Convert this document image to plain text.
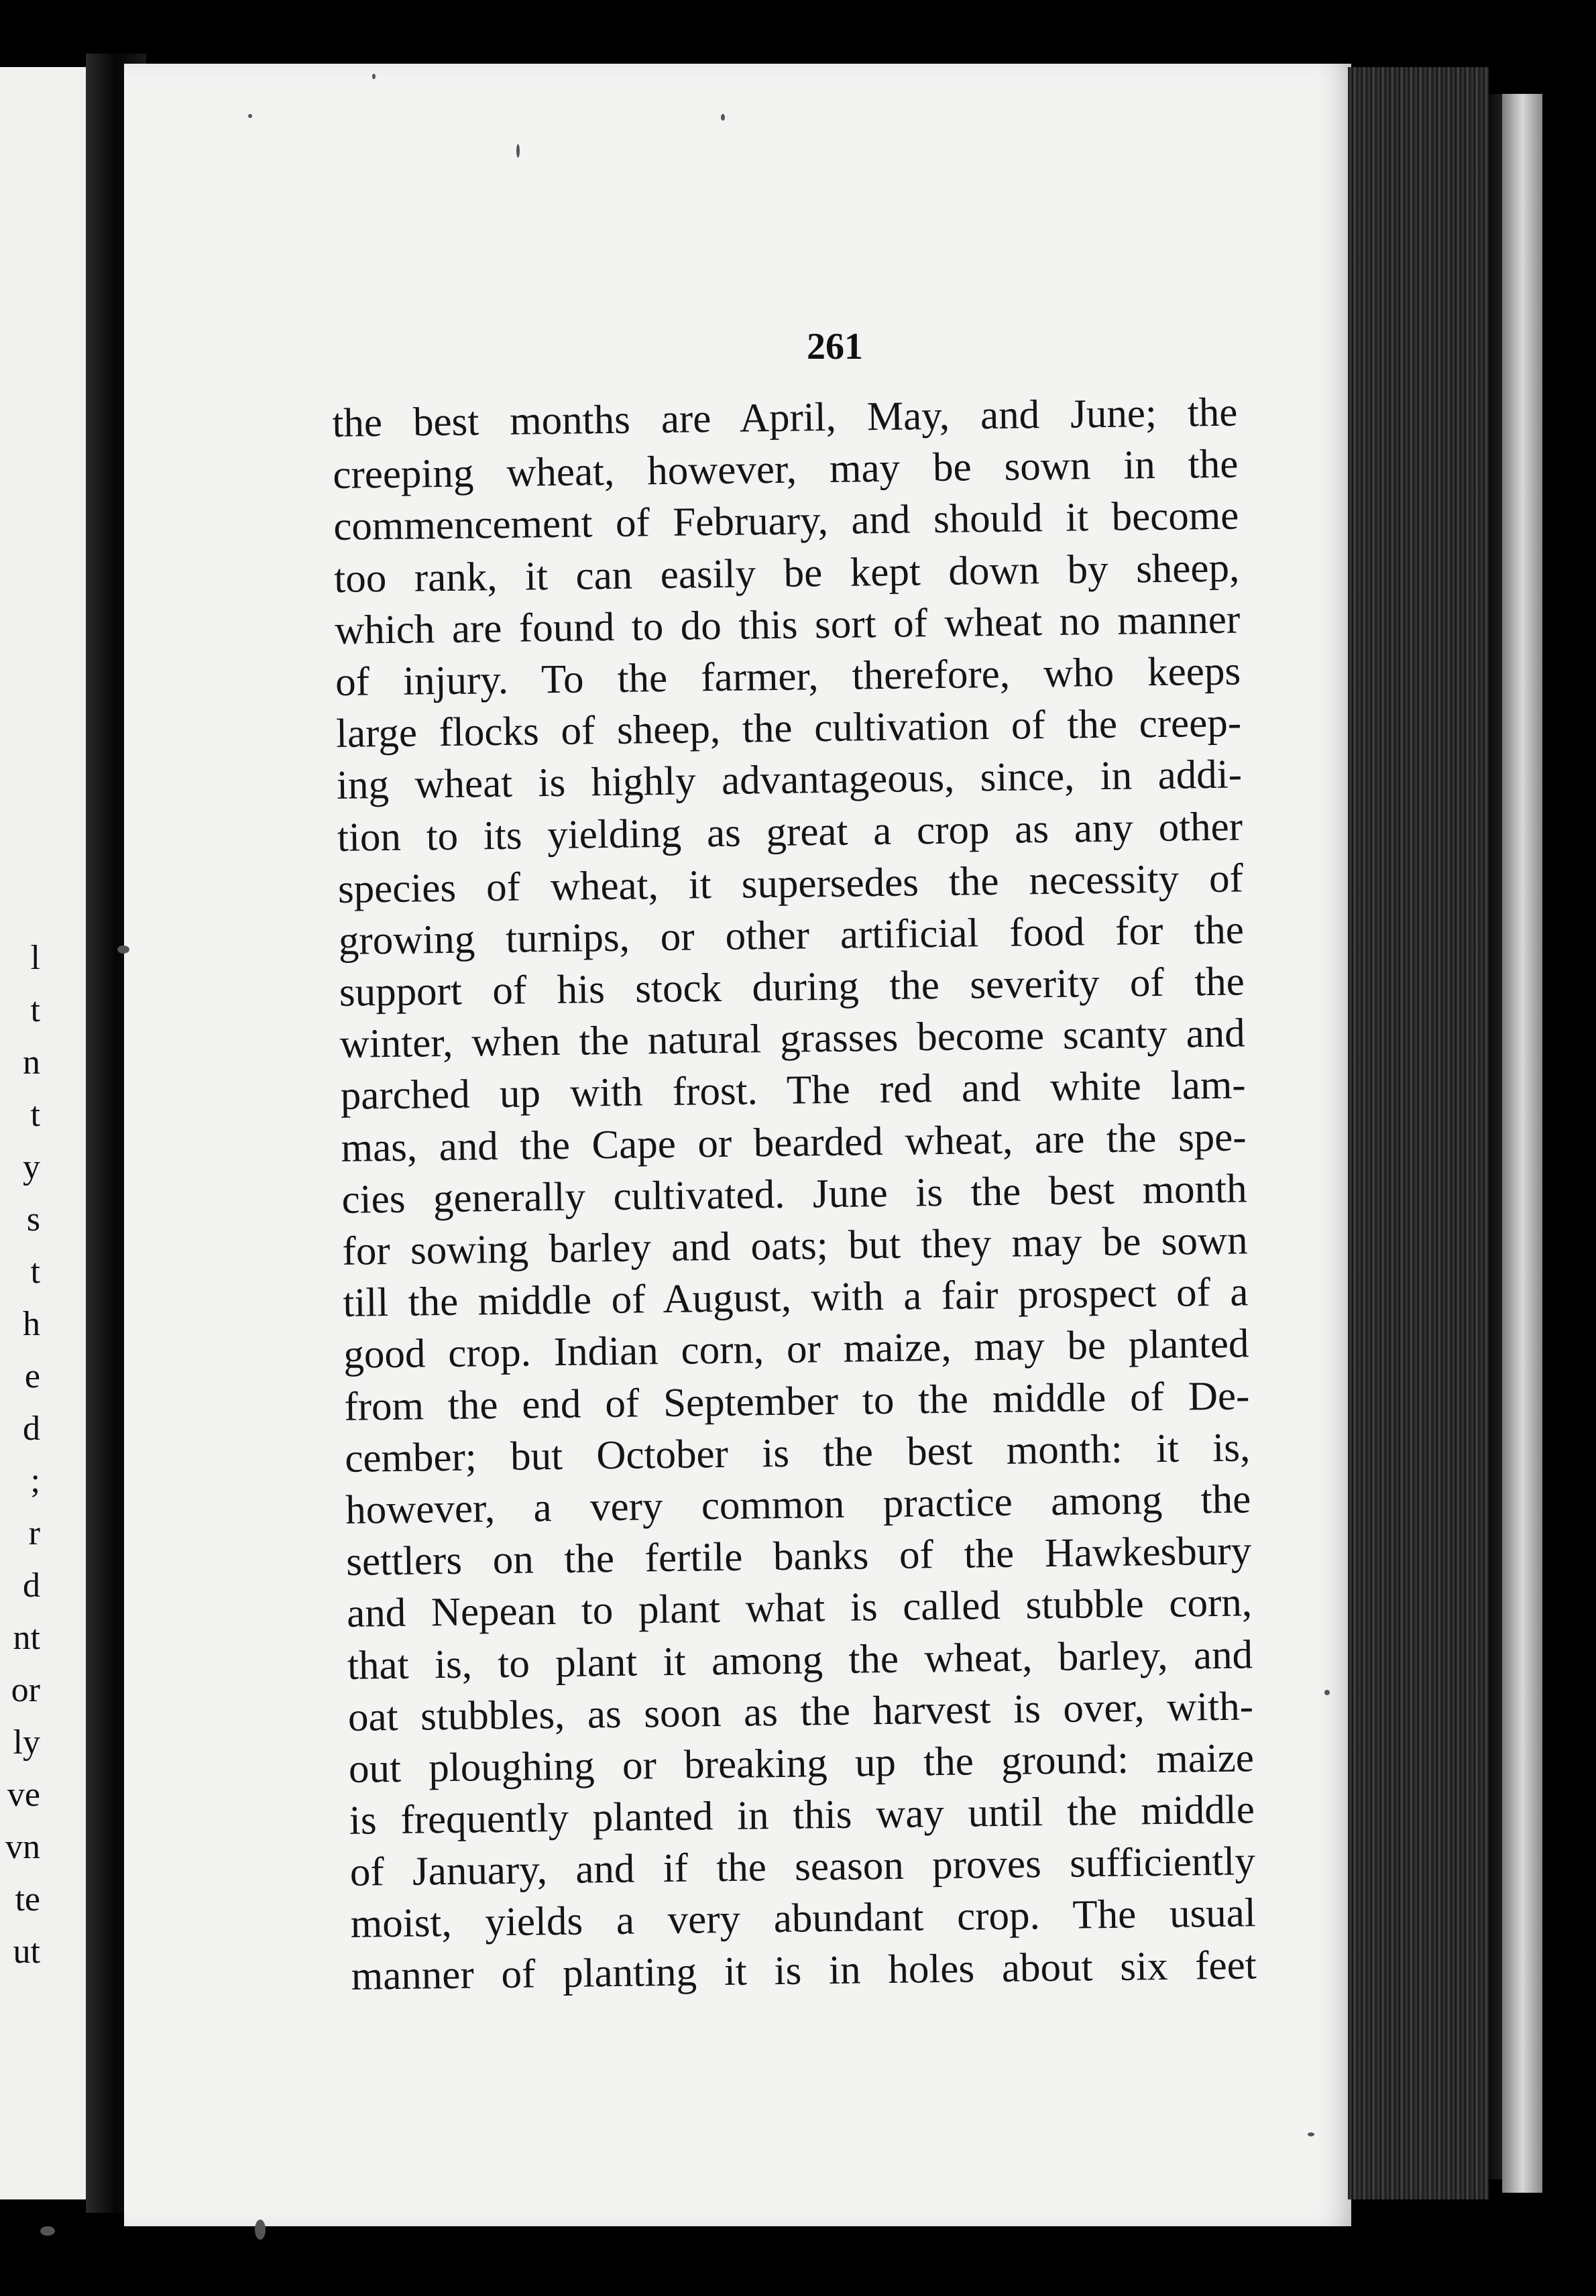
l
t
n
t
y
s
t
h
e
d
;
r
d
nt
or
ly
ve
vn
te
ut

261

the best months are April, May, and June; the
creeping wheat, however, may be sown in the
commencement of February, and should it become
too rank, it can easily be kept down by sheep,
which are found to do this sort of wheat no manner
of injury. To the farmer, therefore, who keeps
large flocks of sheep, the cultivation of the creep-
ing wheat is highly advantageous, since, in addi-
tion to its yielding as great a crop as any other
species of wheat, it supersedes the necessity of
growing turnips, or other artificial food for the
support of his stock during the severity of the
winter, when the natural grasses become scanty and
parched up with frost. The red and white lam-
mas, and the Cape or bearded wheat, are the spe-
cies generally cultivated. June is the best month
for sowing barley and oats; but they may be sown
till the middle of August, with a fair prospect of a
good crop. Indian corn, or maize, may be planted
from the end of September to the middle of De-
cember; but October is the best month: it is,
however, a very common practice among the
settlers on the fertile banks of the Hawkesbury
and Nepean to plant what is called stubble corn,
that is, to plant it among the wheat, barley, and
oat stubbles, as soon as the harvest is over, with-
out ploughing or breaking up the ground: maize
is frequently planted in this way until the middle
of January, and if the season proves sufficiently
moist, yields a very abundant crop. The usual
manner of planting it is in holes about six feet
